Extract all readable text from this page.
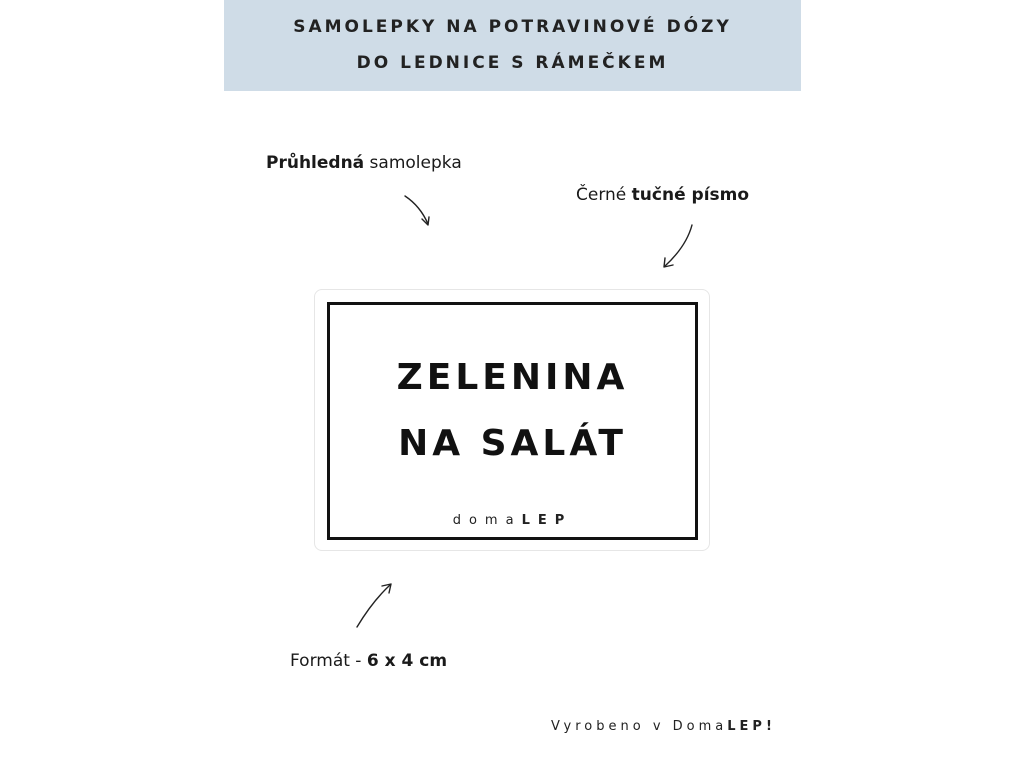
SAMOLEPKY NA POTRAVINOVÉ DÓZY
DO LEDNICE S RÁMEČKEM
Průhledná samolepka
Černé tučné písmo
ZELENINA
NA SALÁT
domaLEP
Formát - 6 x 4 cm
Vyrobeno v DomaLEP!
